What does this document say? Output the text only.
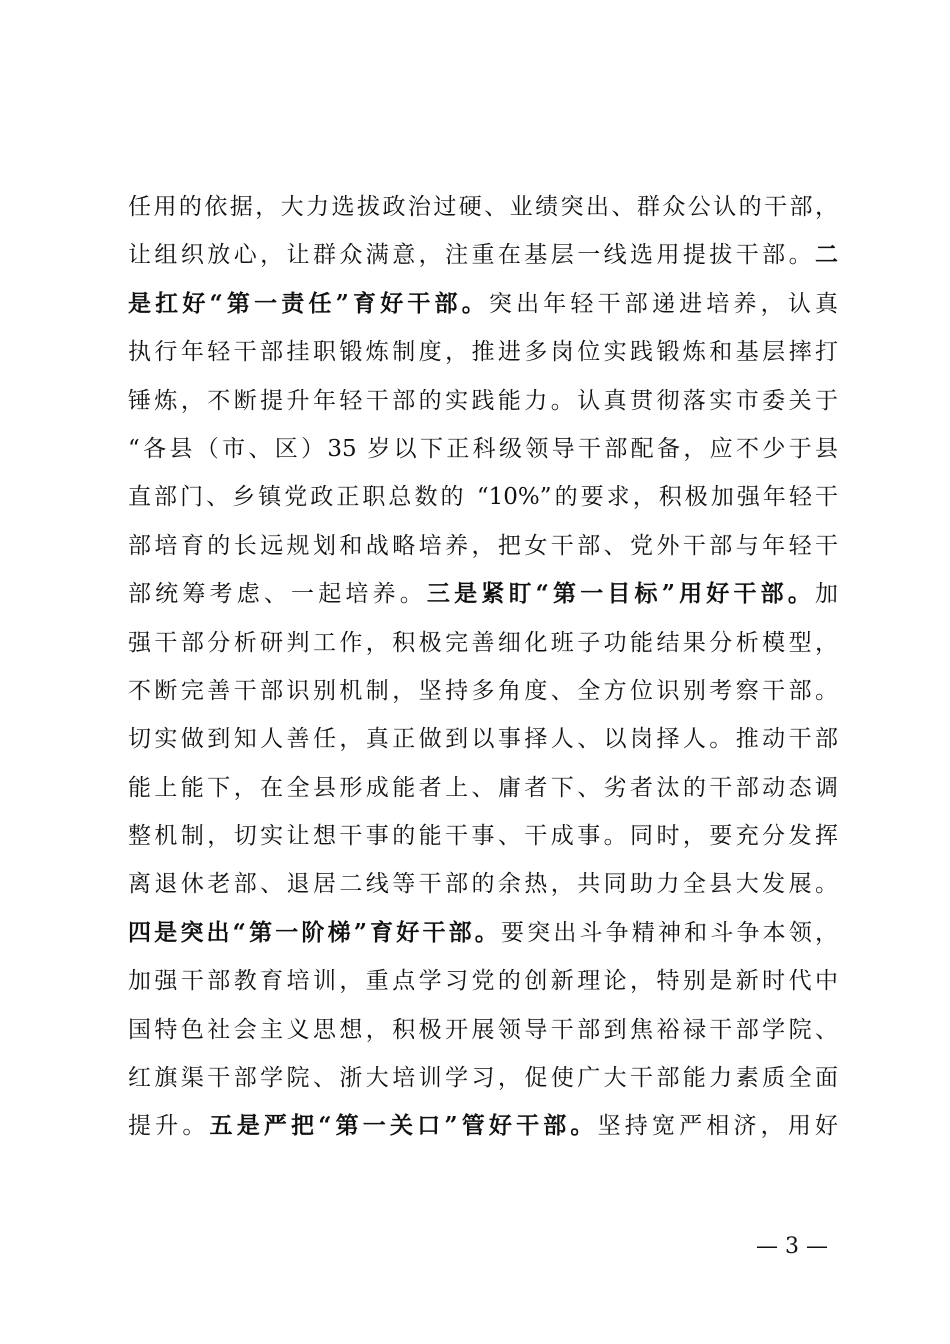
任用的依据，大力选拔政治过硬、业绩突出、群众公认的干部，
让组织放心，让群众满意，注重在基层一线选用提拔干部。二
是扛好“第一责任”育好干部。突出年轻干部递进培养，认真
执行年轻干部挂职锻炼制度，推进多岗位实践锻炼和基层摔打
锤炼，不断提升年轻干部的实践能力。认真贯彻落实市委关于
“各县（市、区）35 岁以下正科级领导干部配备，应不少于县
直部门、乡镇党政正职总数的 “10%”的要求，积极加强年轻干
部培育的长远规划和战略培养，把女干部、党外干部与年轻干
部统筹考虑、一起培养。三是紧盯“第一目标”用好干部。加
强干部分析研判工作，积极完善细化班子功能结果分析模型，
不断完善干部识别机制，坚持多角度、全方位识别考察干部。
切实做到知人善任，真正做到以事择人、以岗择人。推动干部
能上能下，在全县形成能者上、庸者下、劣者汰的干部动态调
整机制，切实让想干事的能干事、干成事。同时，要充分发挥
离退休老部、退居二线等干部的余热，共同助力全县大发展。
四是突出“第一阶梯”育好干部。要突出斗争精神和斗争本领，
加强干部教育培训，重点学习党的创新理论，特别是新时代中
国特色社会主义思想，积极开展领导干部到焦裕禄干部学院、
红旗渠干部学院、浙大培训学习，促使广大干部能力素质全面
提升。五是严把“第一关口”管好干部。坚持宽严相济，用好
— 3 —
